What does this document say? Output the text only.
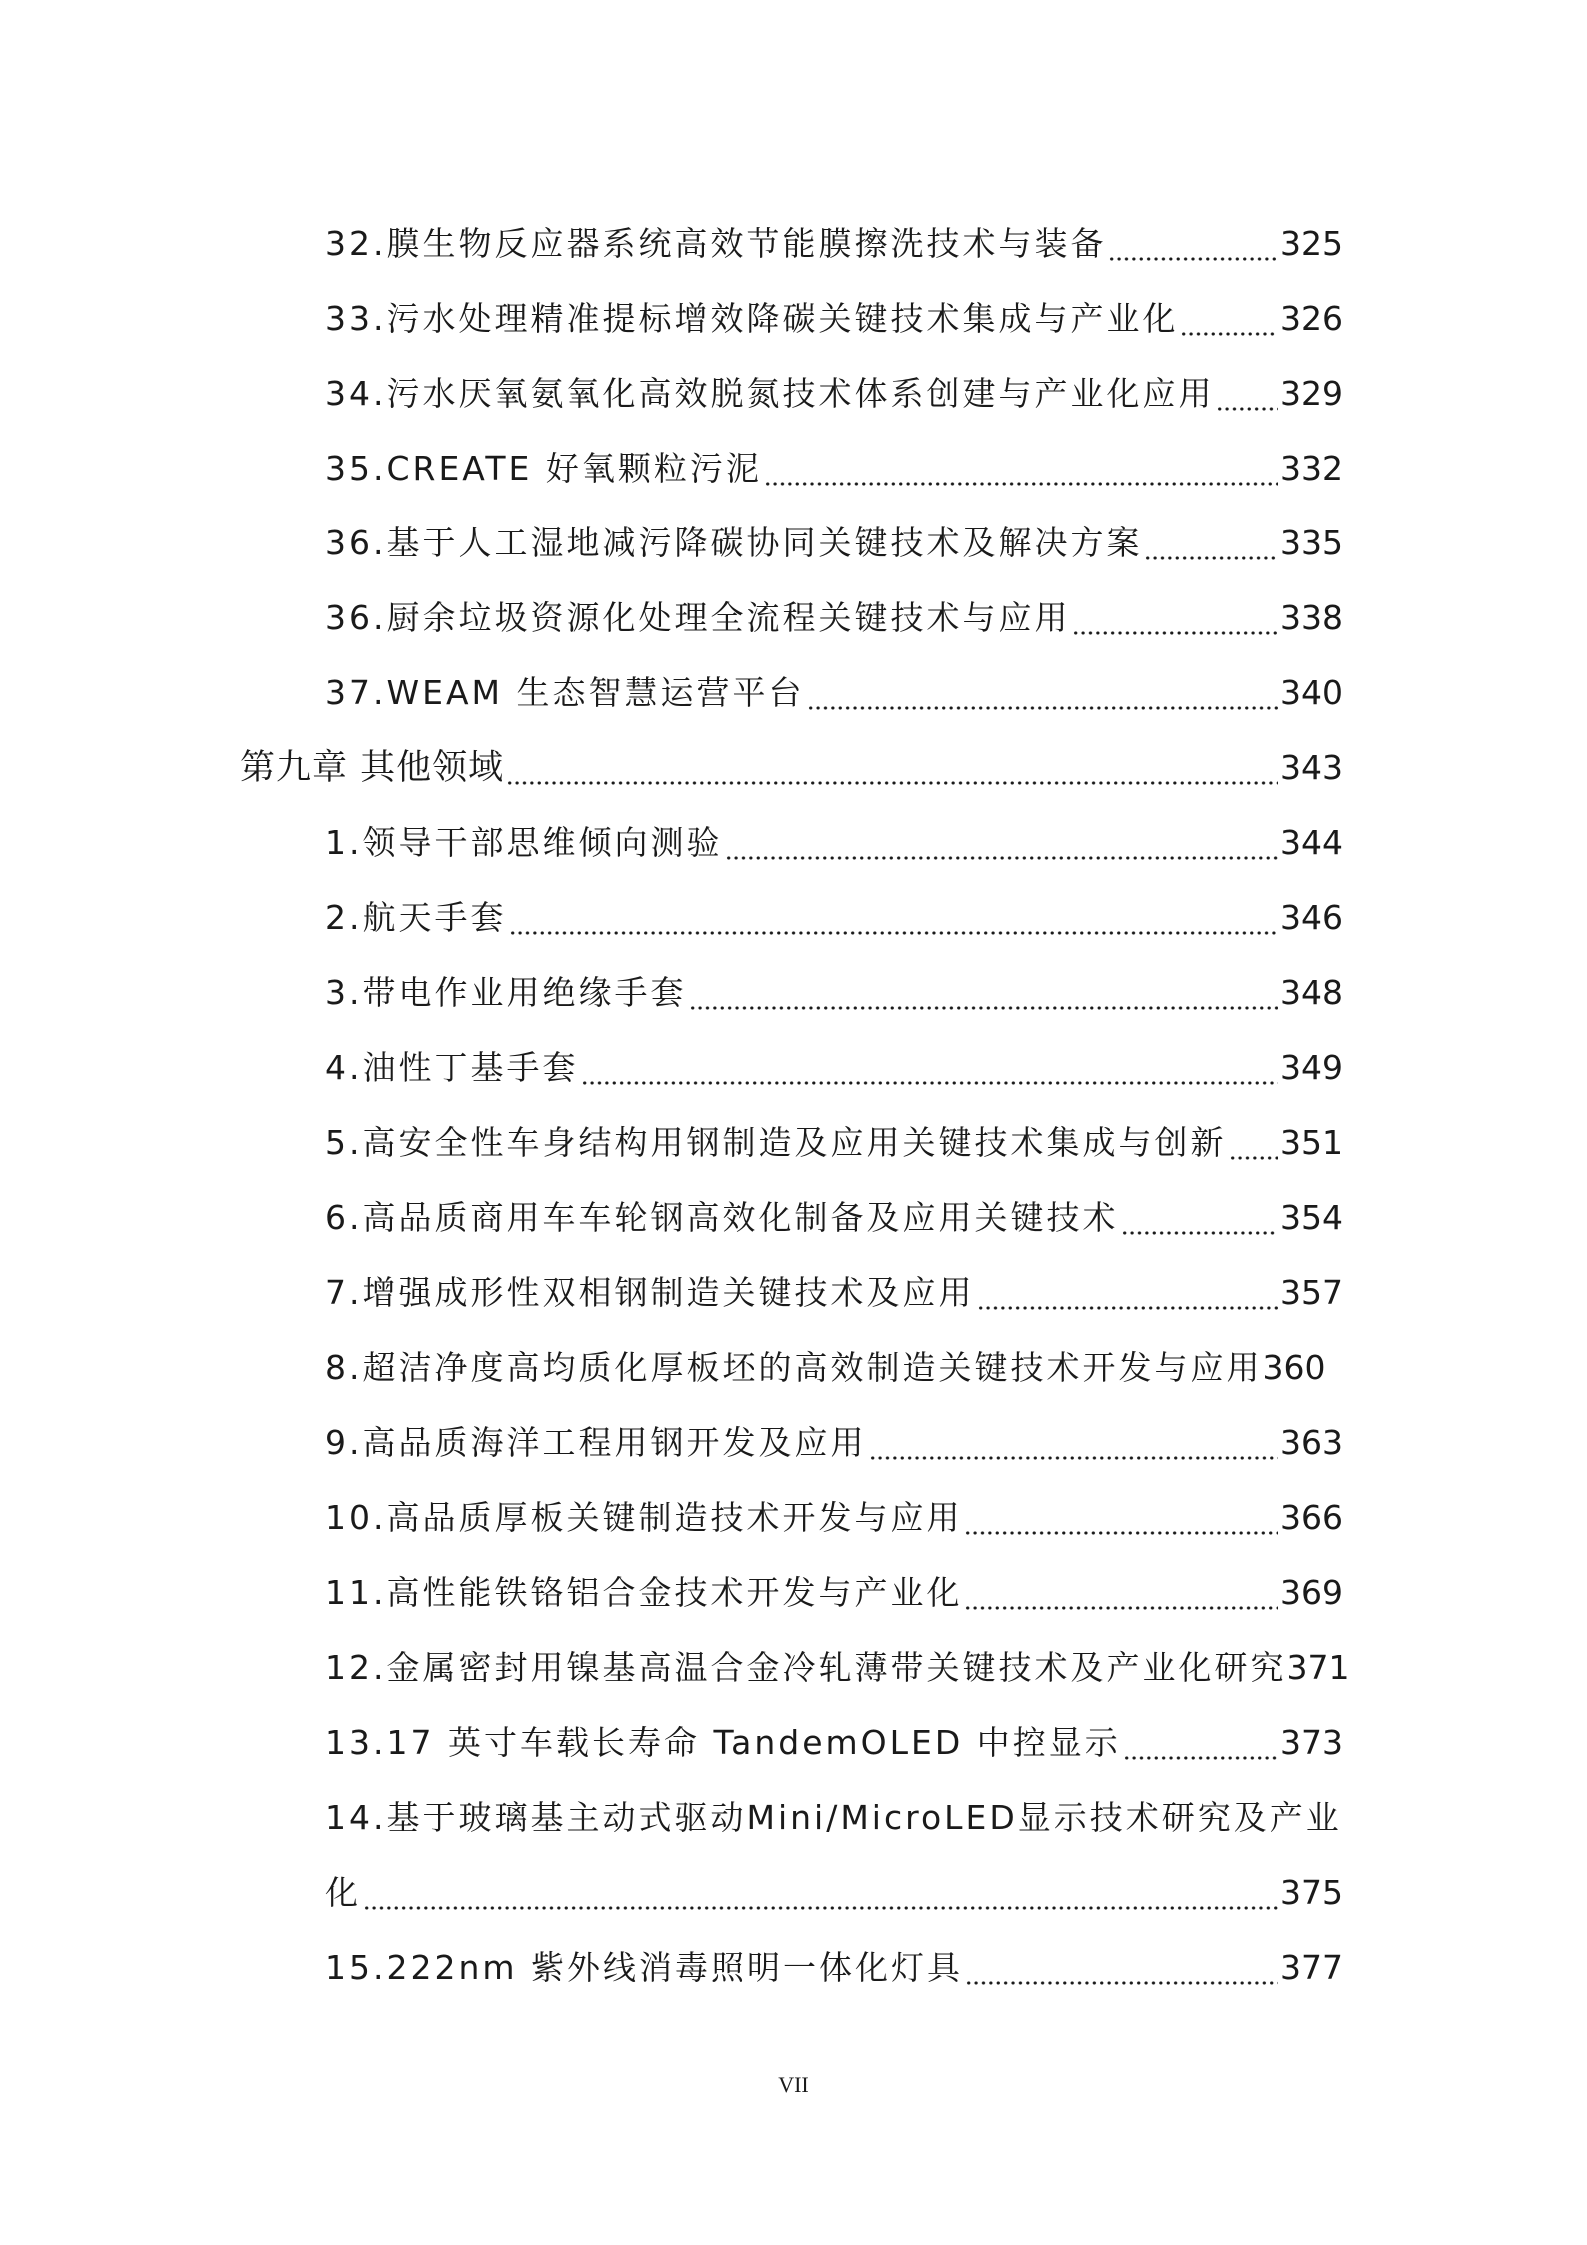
32.膜生物反应器系统高效节能膜擦洗技术与装备	325
33.污水处理精准提标增效降碳关键技术集成与产业化	326
34.污水厌氧氨氧化高效脱氮技术体系创建与产业化应用 329
35.CREATE 好氧颗粒污泥	332
36.基于人工湿地减污降碳协同关键技术及解决方案	335
36.厨余垃圾资源化处理全流程关键技术与应用	338
37.WEAM 生态智慧运营平台	340
第九章 其他领域	343
1.领导干部思维倾向测验	344
2.航天手套	346
3.带电作业用绝缘手套	348
4.油性丁基手套	349
5.高安全性车身结构用钢制造及应用关键技术集成与创新 351
6.高品质商用车车轮钢高效化制备及应用关键技术	354
7.增强成形性双相钢制造关键技术及应用	357
8.超洁净度高均质化厚板坯的高效制造关键技术开发与应用 360
9.高品质海洋工程用钢开发及应用	363
10.高品质厚板关键制造技术开发与应用	366
11.高性能铁铬铝合金技术开发与产业化	369
12.金属密封用镍基高温合金冷轧薄带关键技术及产业化研究 371
13.17 英寸车载长寿命 TandemOLED 中控显示	373
14.基于玻璃基主动式驱动Mini/MicroLED显示技术研究及产业
化	375
15.222nm 紫外线消毒照明一体化灯具	377
VII
